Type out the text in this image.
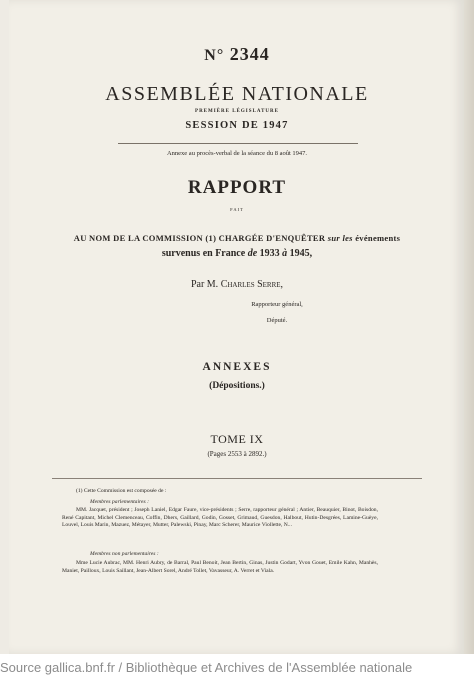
N° 2344
ASSEMBLÉE NATIONALE
PREMIÈRE LÉGISLATURE
SESSION DE 1947
Annexe au procès-verbal de la séance du 8 août 1947.
RAPPORT
FAIT
AU NOM DE LA COMMISSION (1) CHARGÉE D'ENQUÊTER sur les événements
survenus en France de 1933 à 1945,
Par M. Charles Serre,
Rapporteur général,
Député.
ANNEXES
(Dépositions.)
TOME IX
(Pages 2553 à 2892.)
(1) Cette Commission est composée de :
Membres parlementaires :
MM. Jacquet, président ; Joseph Laniel, Edgar Faure, vice-présidents ; Serre, rapporteur général ; Antier, Beauquier, Binot, Boisdon, René Capitant, Michel Clemenceau, Coffin, Dhers, Gaillard, Godin, Gosset, Grimaud, Guesdon, Halbout, Hutin-Desgrées, Lamine-Guèye, Louvel, Louis Marin, Mazuez, Métayer, Mutter, Palewski, Pinay, Marc Scherer, Maurice Viollette, N...
Membres non parlementaires :
Mme Lucie Aubrac, MM. Henri Aubry, de Barral, Paul Benoit, Jean Bertin, Ginas, Justin Godart, Yvon Gouet, Emile Kahn, Manhès, Maniet, Pailloux, Louis Saillant, Jean-Albert Sorel, André Tollet, Vavasseur, A. Verret et Viala.
Source gallica.bnf.fr / Bibliothèque et Archives de l'Assemblée nationale
